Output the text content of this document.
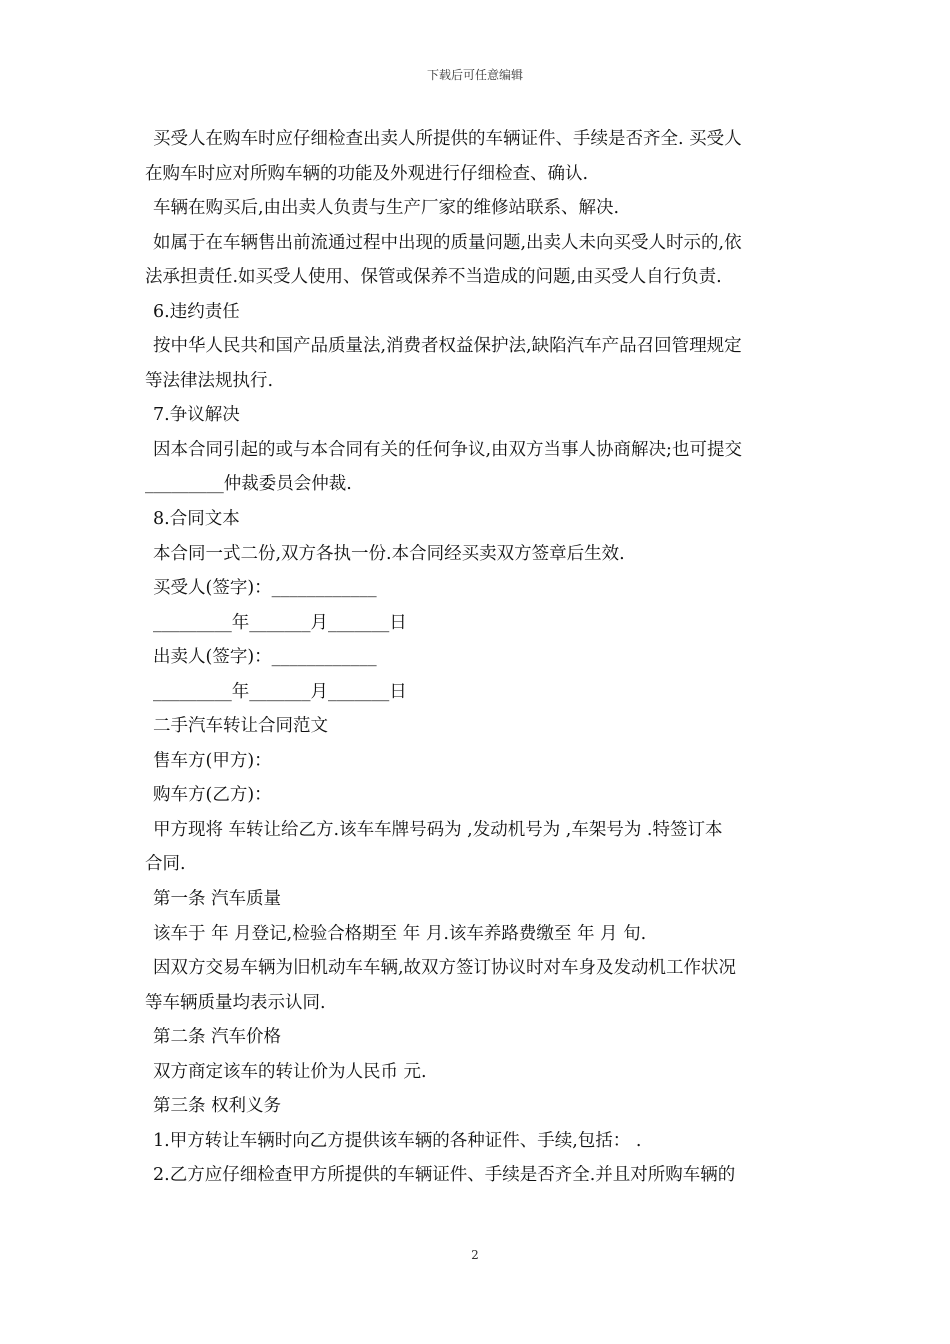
下载后可任意编辑
买受人在购车时应仔细检查出卖人所提供的车辆证件、手续是否齐全. 买受人
在购车时应对所购车辆的功能及外观进行仔细检查、确认.
车辆在购买后,由出卖人负责与生产厂家的维修站联系、解决.
如属于在车辆售出前流通过程中出现的质量问题,出卖人未向买受人时示的,依
法承担责任.如买受人使用、保管或保养不当造成的问题,由买受人自行负责.
6.违约责任
按中华人民共和国产品质量法,消费者权益保护法,缺陷汽车产品召回管理规定
等法律法规执行.
7.争议解决
因本合同引起的或与本合同有关的任何争议,由双方当事人协商解决;也可提交
_________仲裁委员会仲裁.
8.合同文本
本合同一式二份,双方各执一份.本合同经买卖双方签章后生效.
买受人(签字)：____________
_________年_______月_______日
出卖人(签字)：____________
_________年_______月_______日
二手汽车转让合同范文
售车方(甲方)：
购车方(乙方)：
甲方现将 车转让给乙方.该车车牌号码为 ,发动机号为 ,车架号为 .特签订本
合同.
第一条 汽车质量
该车于 年 月登记,检验合格期至 年 月.该车养路费缴至 年 月 旬.
因双方交易车辆为旧机动车车辆,故双方签订协议时对车身及发动机工作状况
等车辆质量均表示认同.
第二条 汽车价格
双方商定该车的转让价为人民币 元.
第三条 权利义务
1.甲方转让车辆时向乙方提供该车辆的各种证件、手续,包括： .
2.乙方应仔细检查甲方所提供的车辆证件、手续是否齐全.并且对所购车辆的
2
